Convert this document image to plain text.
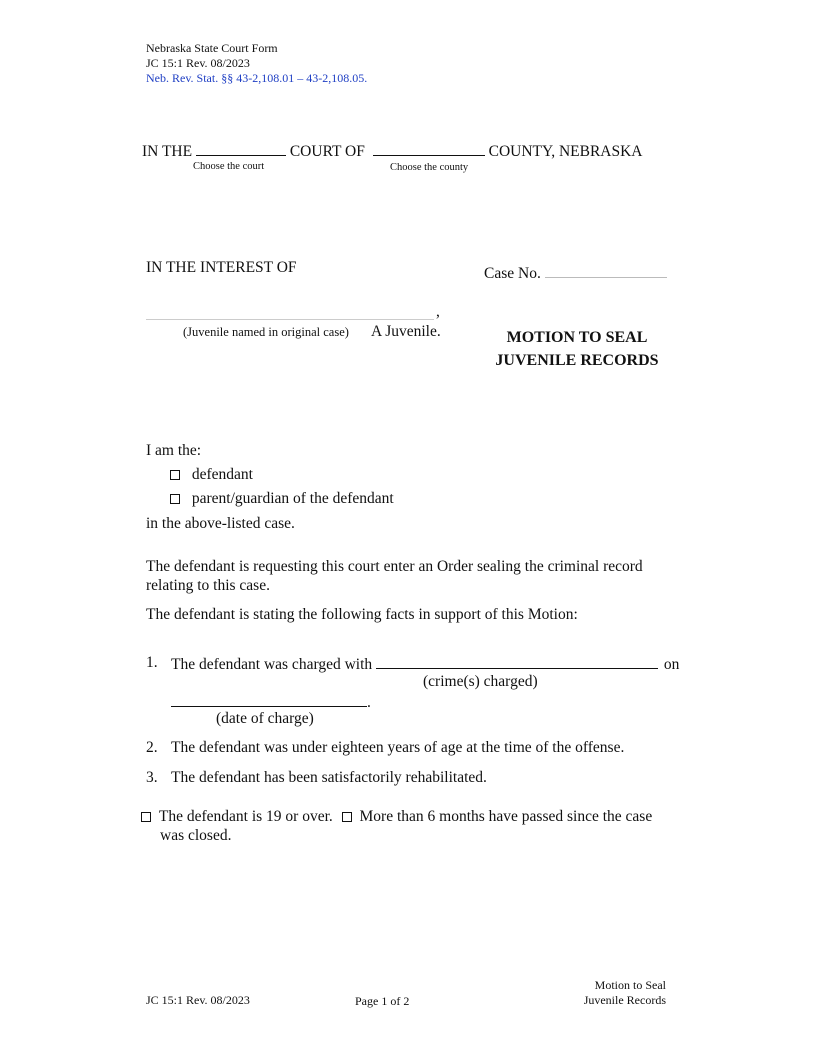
Nebraska State Court Form
JC 15:1 Rev. 08/2023
Neb. Rev. Stat. §§ 43-2,108.01 – 43-2,108.05.
IN THE	COURT OF	COUNTY, NEBRASKA
Choose the court	Choose the county
IN THE INTEREST OF	Case No.
,
(Juvenile named in original case) A Juvenile.	MOTION TO SEAL
JUVENILE RECORDS
I am the:
defendant
parent/guardian of the defendant
in the above-listed case.
The defendant is requesting this court enter an Order sealing the criminal record relating to this case.
The defendant is stating the following facts in support of this Motion:
1. The defendant was charged with	on
(crime(s) charged)
.
(date of charge)
2. The defendant was under eighteen years of age at the time of the offense.
3. The defendant has been satisfactorily rehabilitated.
The defendant is 19 or over. More than 6 months have passed since the case
was closed.
JC 15:1 Rev. 08/2023	Page 1 of 2
Motion to Seal
Juvenile Records
